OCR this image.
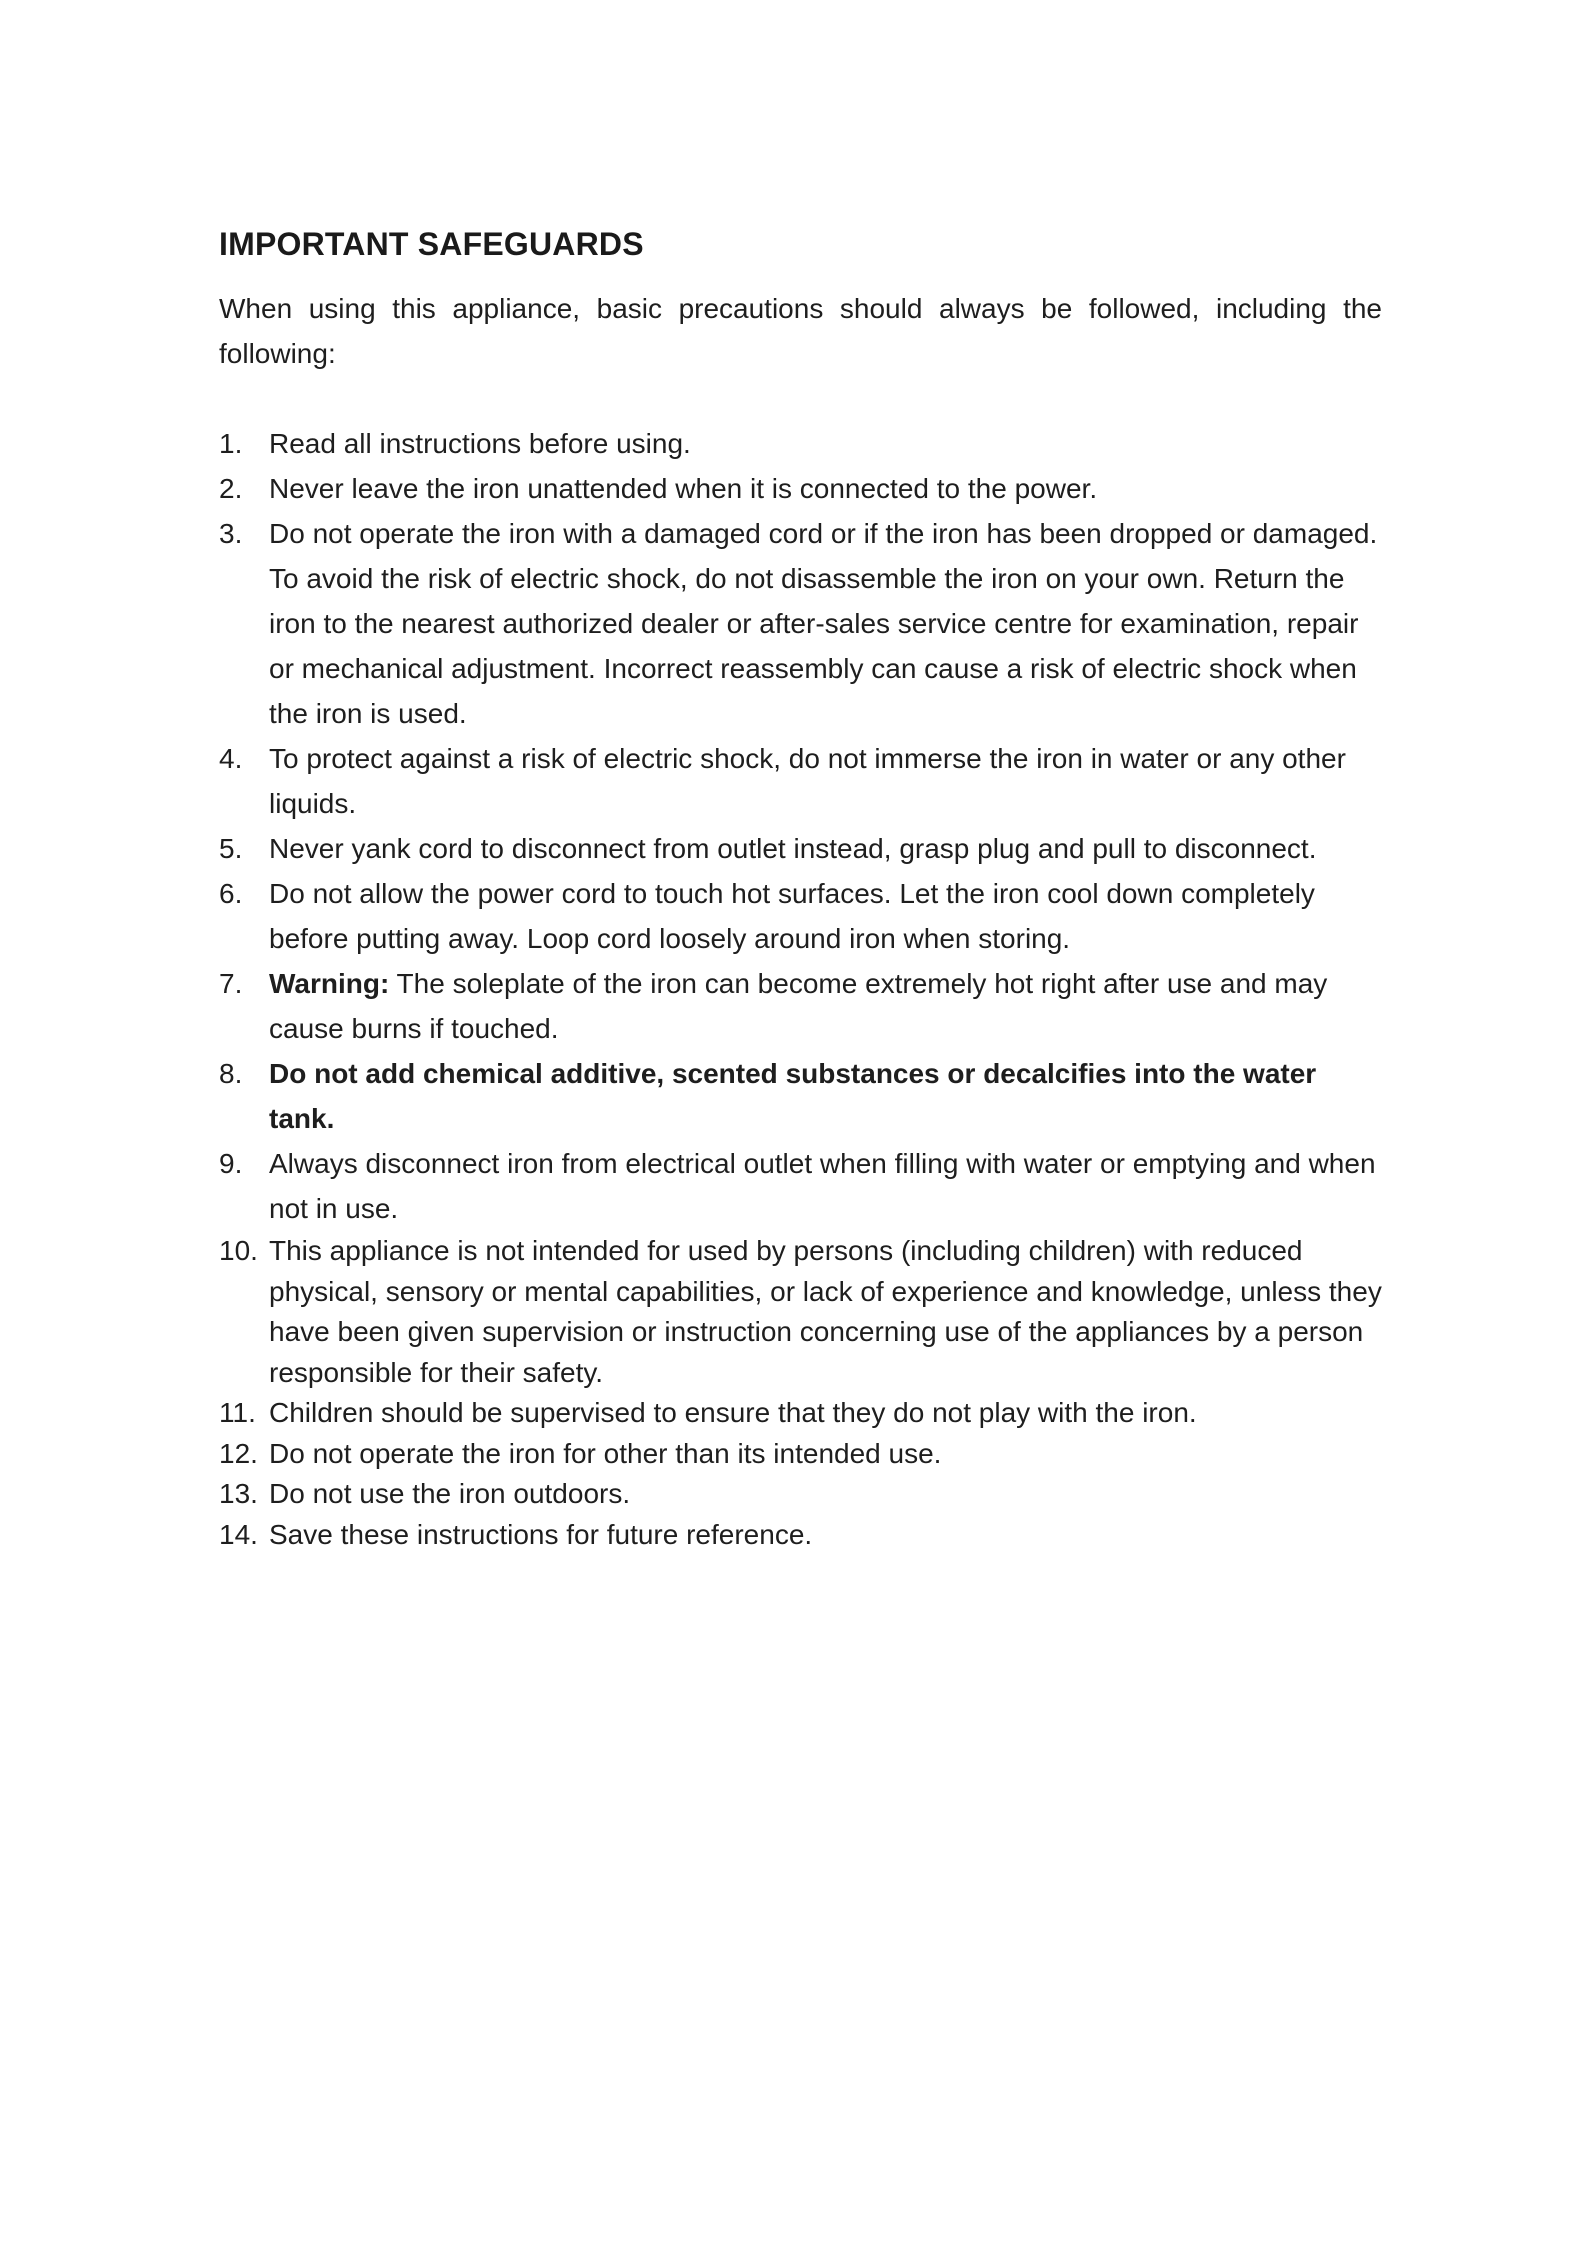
IMPORTANT SAFEGUARDS

When using this appliance, basic precautions should always be followed, including the following:

1. Read all instructions before using.
2. Never leave the iron unattended when it is connected to the power.
3. Do not operate the iron with a damaged cord or if the iron has been dropped or damaged. To avoid the risk of electric shock, do not disassemble the iron on your own. Return the iron to the nearest authorized dealer or after-sales service centre for examination, repair or mechanical adjustment. Incorrect reassembly can cause a risk of electric shock when the iron is used.
4. To protect against a risk of electric shock, do not immerse the iron in water or any other liquids.
5. Never yank cord to disconnect from outlet instead, grasp plug and pull to disconnect.
6. Do not allow the power cord to touch hot surfaces. Let the iron cool down completely before putting away. Loop cord loosely around iron when storing.
7. Warning: The soleplate of the iron can become extremely hot right after use and may cause burns if touched.
8. Do not add chemical additive, scented substances or decalcifies into the water tank.
9. Always disconnect iron from electrical outlet when filling with water or emptying and when not in use.
10. This appliance is not intended for used by persons (including children) with reduced physical, sensory or mental capabilities, or lack of experience and knowledge, unless they have been given supervision or instruction concerning use of the appliances by a person responsible for their safety.
11. Children should be supervised to ensure that they do not play with the iron.
12. Do not operate the iron for other than its intended use.
13. Do not use the iron outdoors.
14. Save these instructions for future reference.
